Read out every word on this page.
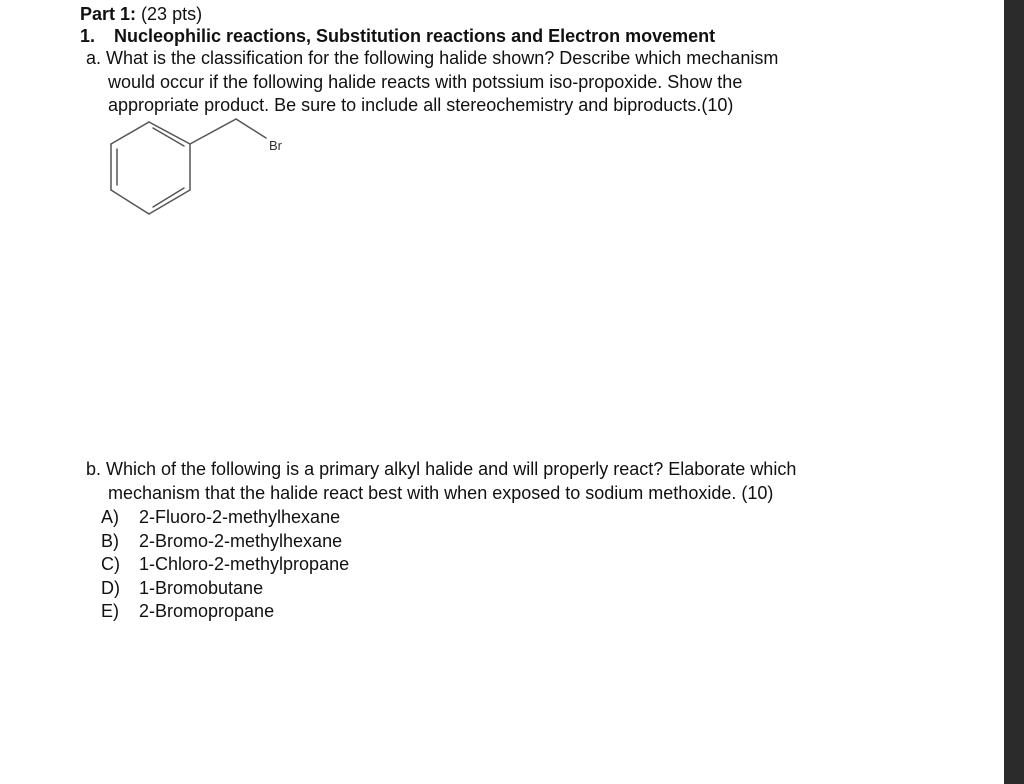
Part 1: (23 pts)
1. Nucleophilic reactions, Substitution reactions and Electron movement
a. What is the classification for the following halide shown? Describe which mechanism
would occur if the following halide reacts with potssium iso-propoxide. Show the
appropriate product. Be sure to include all stereochemistry and biproducts.(10)
Br
b. Which of the following is a primary alkyl halide and will properly react? Elaborate which
mechanism that the halide react best with when exposed to sodium methoxide. (10)
A) 2-Fluoro-2-methylhexane
B) 2-Bromo-2-methylhexane
C) 1-Chloro-2-methylpropane
D) 1-Bromobutane
E) 2-Bromopropane
